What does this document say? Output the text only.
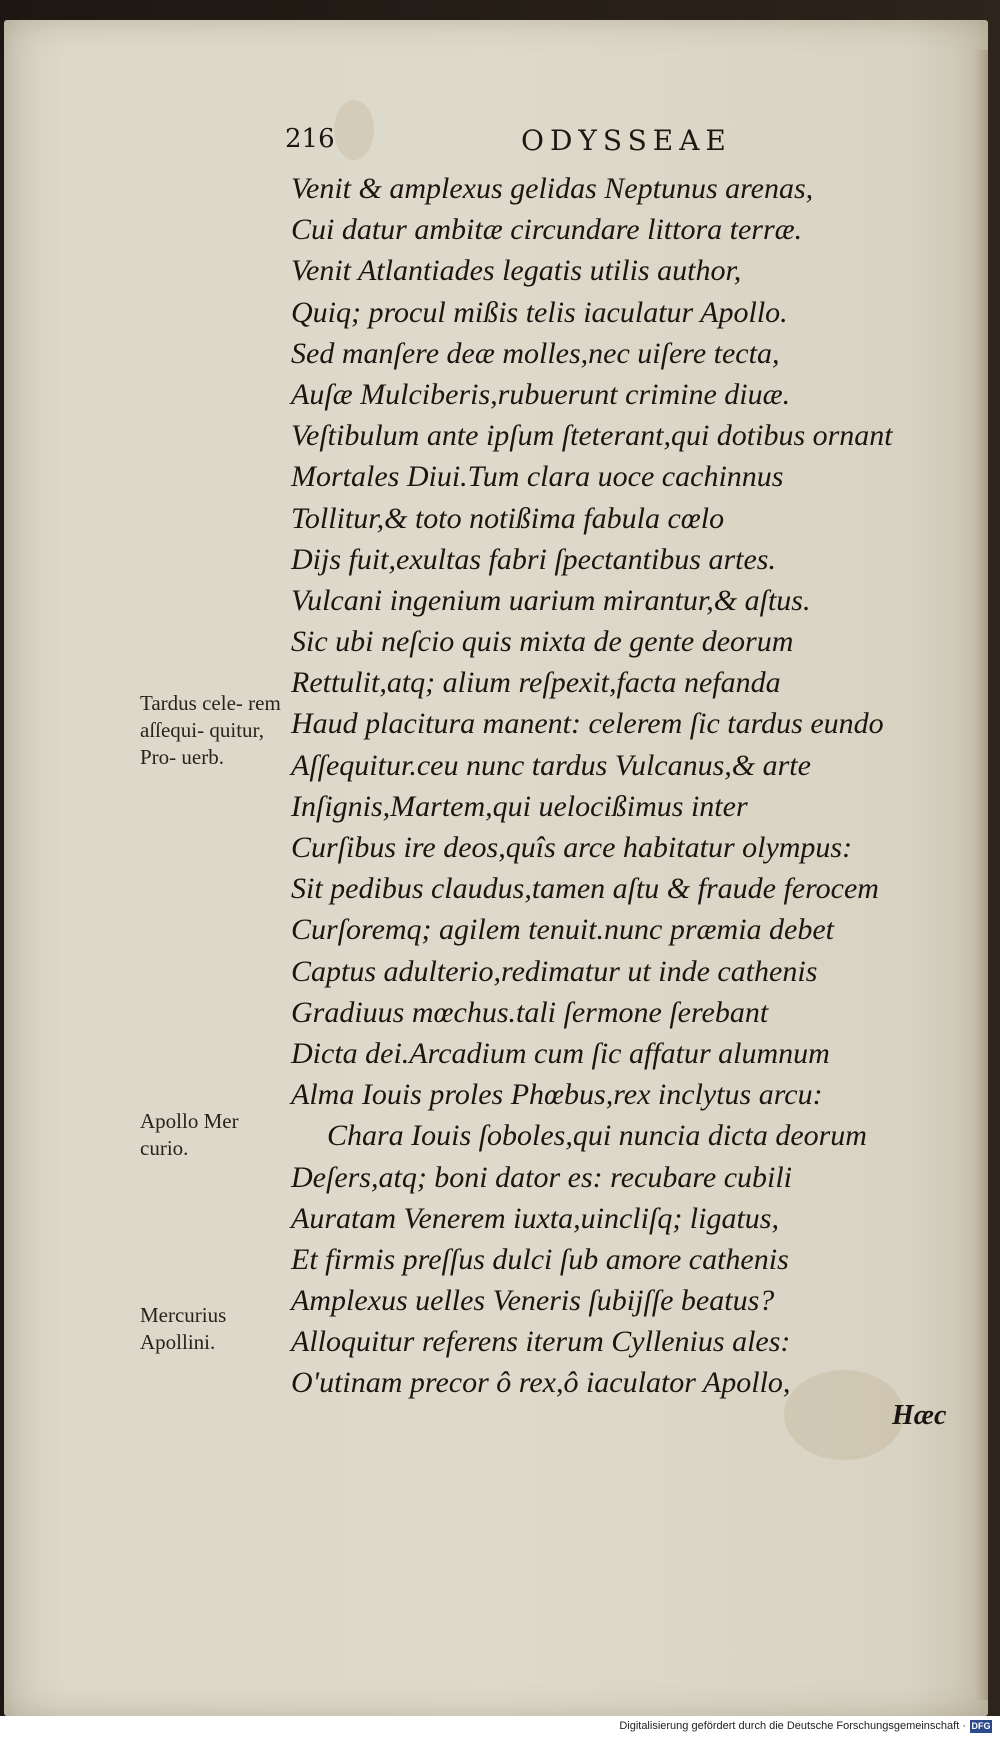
216	ODYSSEAE
Venit & amplexus gelidas Neptunus arenas,
Cui datur ambitæ circundare littora terræ.
Venit Atlantiades legatis utilis author,
Quiq; procul mißis telis iaculatur Apollo.
Sed manſere deæ molles,nec uiſere tecta,
Auſæ Mulciberis,rubuerunt crimine diuæ.
Veſtibulum ante ipſum ſteterant,qui dotibus ornant
Mortales Diui.Tum clara uoce cachinnus
Tollitur,& toto notißima fabula cœlo
Dijs fuit,exultas fabri ſpectantibus artes.
Vulcani ingenium uarium mirantur,& aſtus.
Sic ubi neſcio quis mixta de gente deorum
Rettulit,atq; alium reſpexit,facta nefanda
Haud placitura manent: celerem ſic tardus eundo
Aſſequitur.ceu nunc tardus Vulcanus,& arte
Inſignis,Martem,qui uelocißimus inter
Curſibus ire deos,quîs arce habitatur olympus:
Sit pedibus claudus,tamen aſtu & fraude ferocem
Curſoremq; agilem tenuit.nunc præmia debet
Captus adulterio,redimatur ut inde cathenis
Gradiuus mœchus.tali ſermone ſerebant
Dicta dei.Arcadium cum ſic affatur alumnum
Alma Iouis proles Phœbus,rex inclytus arcu:
Chara Iouis ſoboles,qui nuncia dicta deorum
Deſers,atq; boni dator es: recubare cubili
Auratam Venerem iuxta,uincliſq; ligatus,
Et firmis preſſus dulci ſub amore cathenis
Amplexus uelles Veneris ſubijſſe beatus?
Alloquitur referens iterum Cyllenius ales:
O'utinam precor ô rex,ô iaculator Apollo,
Tardus cele- rem aſſequi- quitur, Pro- uerb.
Apollo Mer curio.
Mercurius Apollini.
Hæc
Digitalisierung gefördert durch die Deutsche Forschungsgemeinschaft · DFG
